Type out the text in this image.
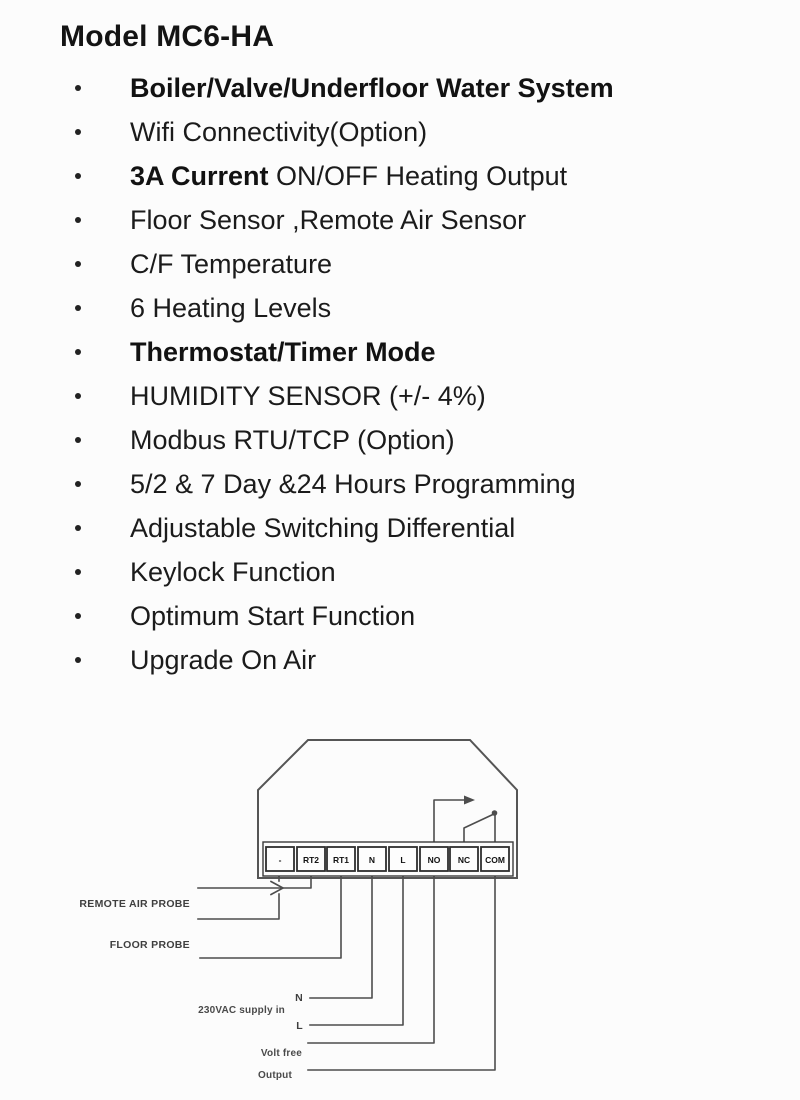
Model MC6-HA
Boiler/Valve/Underfloor Water System
Wifi Connectivity(Option)
3A Current ON/OFF Heating Output
Floor Sensor ,Remote Air Sensor
C/F Temperature
6 Heating Levels
Thermostat/Timer Mode
HUMIDITY SENSOR (+/- 4%)
Modbus RTU/TCP (Option)
5/2 & 7 Day &24 Hours Programming
Adjustable Switching Differential
Keylock Function
Optimum Start Function
Upgrade On Air
-	RT2 RT1 N	L	NO NC COM
REMOTE AIR PROBE
FLOOR PROBE
230VAC supply in
N
L
Volt free
Output
